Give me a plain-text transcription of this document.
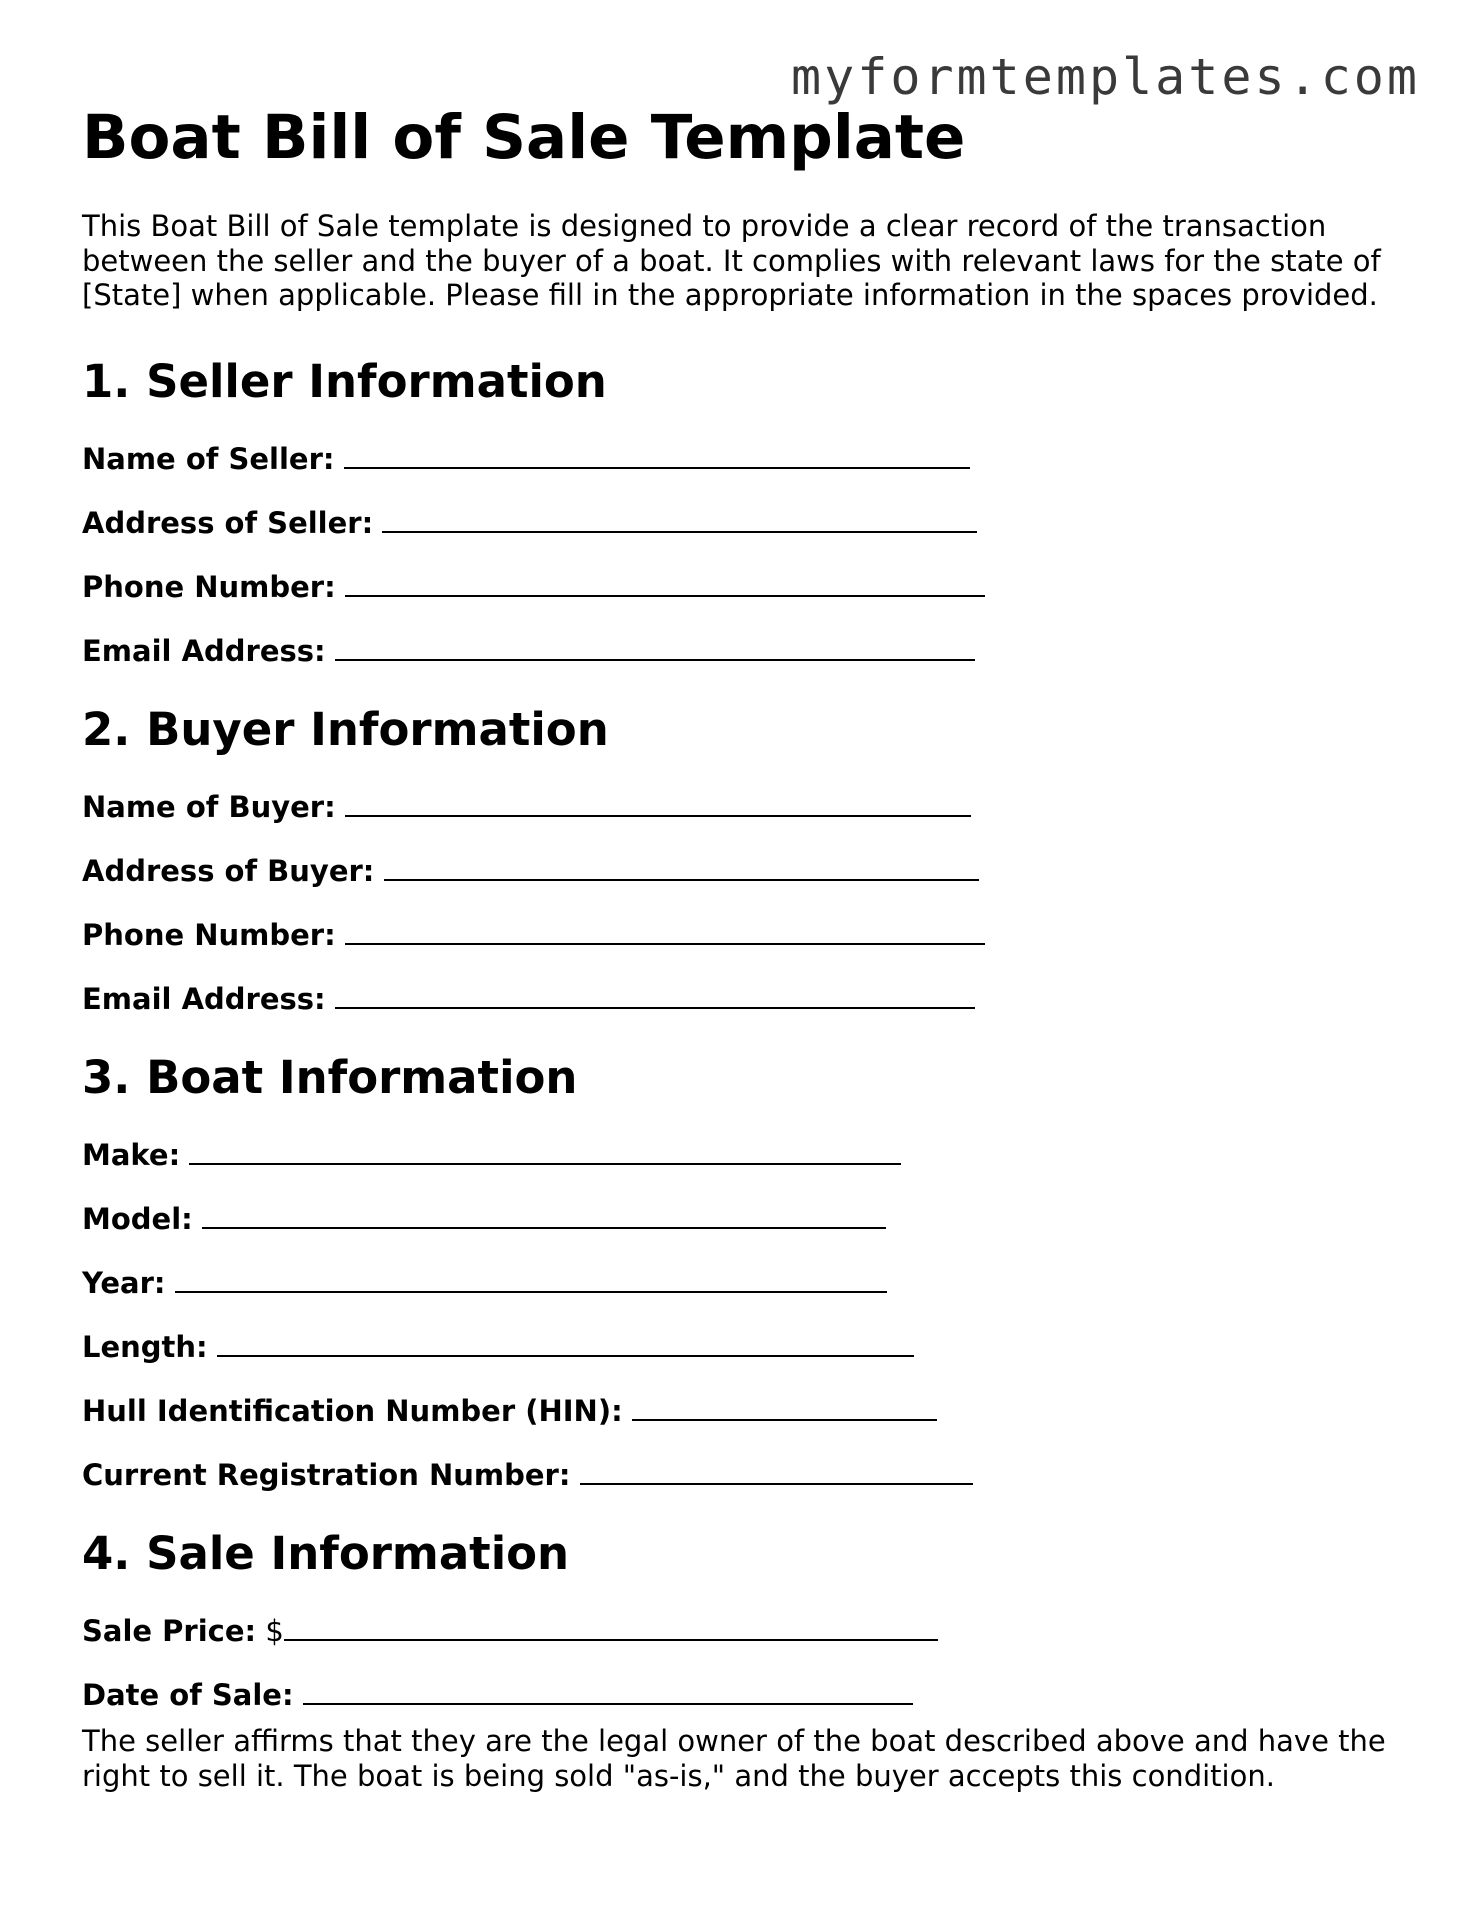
myformtemplates.com

Boat Bill of Sale Template

This Boat Bill of Sale template is designed to provide a clear record of the transaction between the seller and the buyer of a boat. It complies with relevant laws for the state of [State] when applicable. Please fill in the appropriate information in the spaces provided.

1. Seller Information

Name of Seller:

Address of Seller:

Phone Number:

Email Address:

2. Buyer Information

Name of Buyer:

Address of Buyer:

Phone Number:

Email Address:

3. Boat Information

Make:

Model:

Year:

Length:

Hull Identification Number (HIN):

Current Registration Number:

4. Sale Information

Sale Price: $

Date of Sale:

The seller affirms that they are the legal owner of the boat described above and have the right to sell it. The boat is being sold "as-is," and the buyer accepts this condition.
